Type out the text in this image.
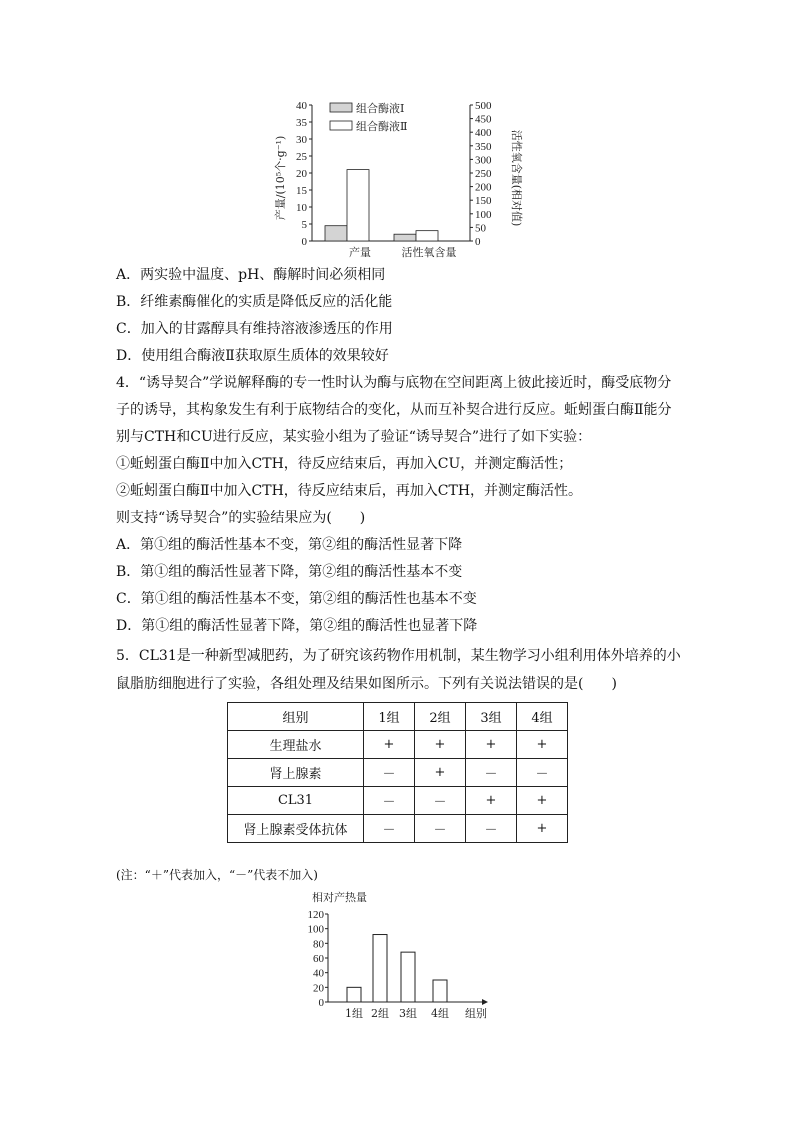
产量/(10⁵个·g⁻¹)	活性氧含量(相对值)
0
5
10
15
20
25
30
35
40
0
50
100
150
200
250
300
350
400
450
500
组合酶液Ⅰ
组合酶液Ⅱ
产量	活性氧含量
A．两实验中温度、pH、酶解时间必须相同
B．纤维素酶催化的实质是降低反应的活化能
C．加入的甘露醇具有维持溶液渗透压的作用
D．使用组合酶液Ⅱ获取原生质体的效果较好
4．“诱导契合”学说解释酶的专一性时认为酶与底物在空间距离上彼此接近时，酶受底物分
子的诱导，其构象发生有利于底物结合的变化，从而互补契合进行反应。蚯蚓蛋白酶Ⅱ能分
别与CTH和CU进行反应，某实验小组为了验证“诱导契合”进行了如下实验：
①蚯蚓蛋白酶Ⅱ中加入CTH，待反应结束后，再加入CU，并测定酶活性；
②蚯蚓蛋白酶Ⅱ中加入CTH，待反应结束后，再加入CTH，并测定酶活性。
则支持“诱导契合”的实验结果应为(　　)
A．第①组的酶活性基本不变，第②组的酶活性显著下降
B．第①组的酶活性显著下降，第②组的酶活性基本不变
C．第①组的酶活性基本不变，第②组的酶活性也基本不变
D．第①组的酶活性显著下降，第②组的酶活性也显著下降
5．CL31是一种新型减肥药，为了研究该药物作用机制，某生物学习小组利用体外培养的小
鼠脂肪细胞进行了实验，各组处理及结果如图所示。下列有关说法错误的是(　　)
组别	1组	2组	3组	4组
生理盐水	+	+	+	+
肾上腺素	－	+	－	－
CL31	－	－	+	+
肾上腺素受体抗体	－	－	－	+
(注：“＋”代表加入，“－”代表不加入)
相对产热量
0
20
40
60
80
100
120
1组 2组 3组 4组 组别
